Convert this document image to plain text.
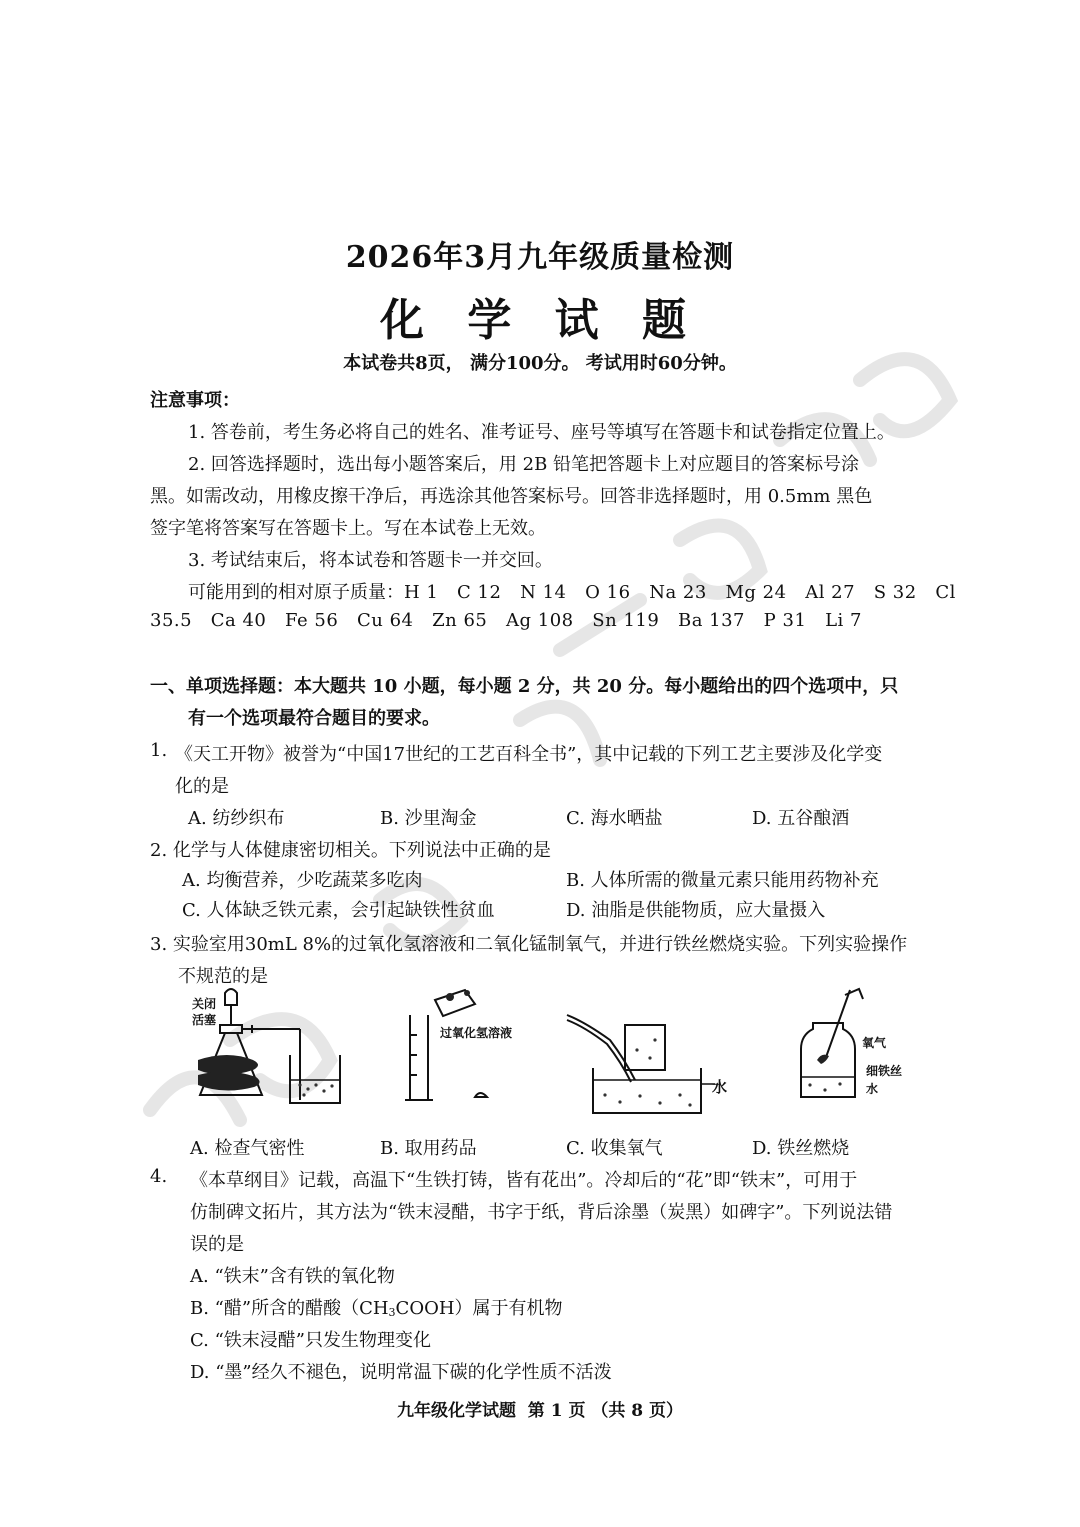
2026年3月九年级质量检测
化 学 试 题
本试卷共8页， 满分100分。 考试用时60分钟。
注意事项：
1. 答卷前，考生务必将自己的姓名、准考证号、座号等填写在答题卡和试卷指定位置上。
2. 回答选择题时，选出每小题答案后，用 2B 铅笔把答题卡上对应题目的答案标号涂
黑。如需改动，用橡皮擦干净后，再选涂其他答案标号。回答非选择题时，用 0.5mm 黑色
签字笔将答案写在答题卡上。写在本试卷上无效。
3. 考试结束后，将本试卷和答题卡一并交回。
可能用到的相对原子质量：H 1   C 12   N 14   O 16   Na 23   Mg 24   Al 27   S 32   Cl
35.5   Ca 40   Fe 56   Cu 64   Zn 65   Ag 108   Sn 119   Ba 137   P 31   Li 7
一、单项选择题：本大题共 10 小题，每小题 2 分，共 20 分。每小题给出的四个选项中，只
有一个选项最符合题目的要求。
1. 《天工开物》被誉为“中国17世纪的工艺百科全书”，其中记载的下列工艺主要涉及化学变
化的是
A. 纺纱织布	B. 沙里淘金	C. 海水晒盐	D. 五谷酿酒
2. 化学与人体健康密切相关。下列说法中正确的是
A. 均衡营养，少吃蔬菜多吃肉	B. 人体所需的微量元素只能用药物补充
C. 人体缺乏铁元素，会引起缺铁性贫血	D. 油脂是供能物质，应大量摄入
3. 实验室用30mL 8%的过氧化氢溶液和二氧化锰制氧气，并进行铁丝燃烧实验。下列实验操作
不规范的是
关闭
活塞
过氧化氢溶液
水
氧气
细铁丝
水
A. 检查气密性	B. 取用药品	C. 收集氧气	D. 铁丝燃烧
4. 《本草纲目》记载，高温下“生铁打铸，皆有花出”。冷却后的“花”即“铁末”，可用于
仿制碑文拓片，其方法为“铁末浸醋，书字于纸，背后涂墨（炭黑）如碑字”。下列说法错
误的是
A. “铁末”含有铁的氧化物
B. “醋”所含的醋酸$(CH_3COOH)$属于有机物
C. “铁末浸醋”只发生物理变化
D. “墨”经久不褪色，说明常温下碳的化学性质不活泼
九年级化学试题  第 1 页 （共 8 页）
